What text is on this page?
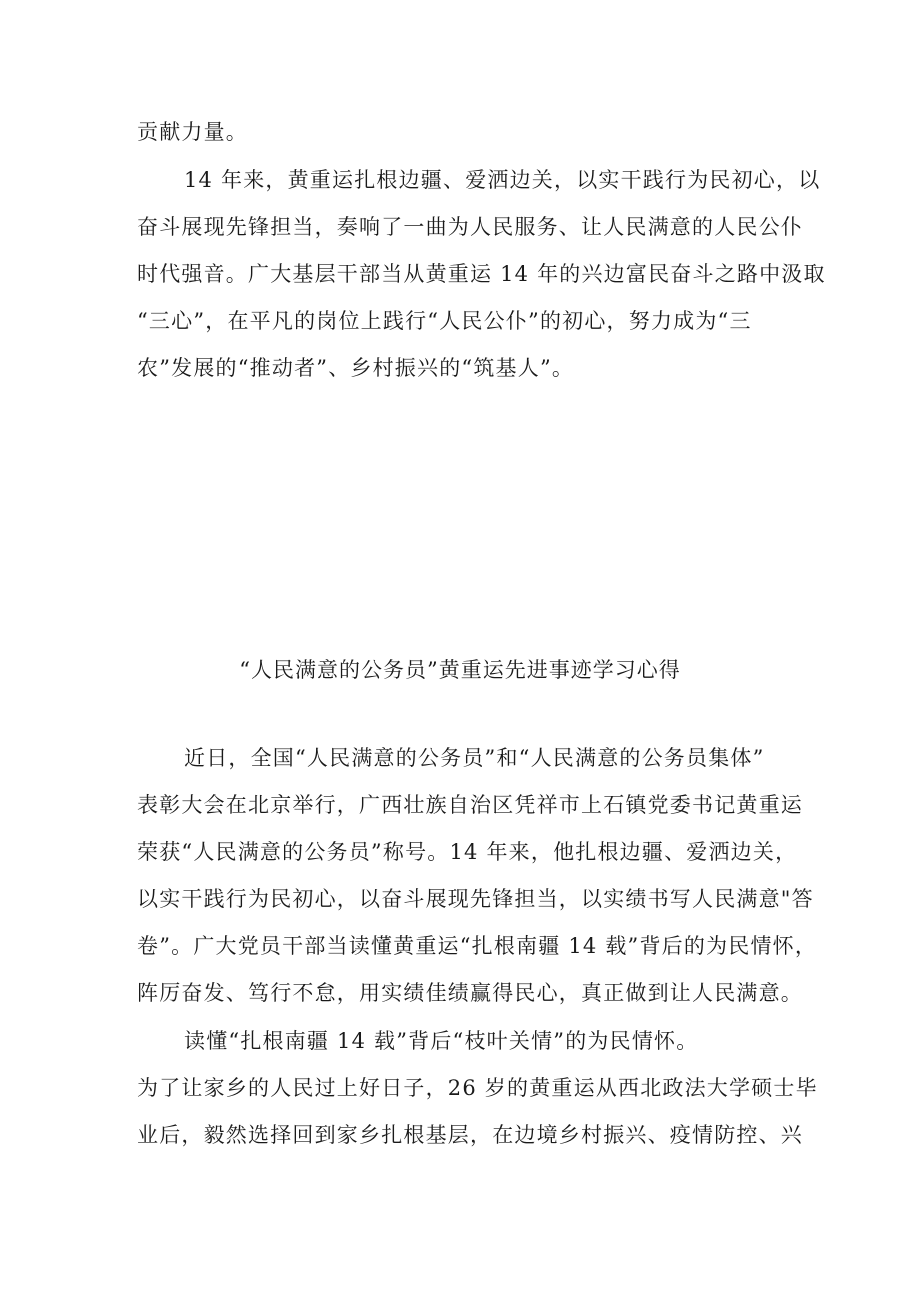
贡献力量。
14 年来，黄重运扎根边疆、爱洒边关，以实干践行为民初心，以
奋斗展现先锋担当，奏响了一曲为人民服务、让人民满意的人民公仆
时代强音。广大基层干部当从黄重运 14 年的兴边富民奋斗之路中汲取
“三心”，在平凡的岗位上践行“人民公仆”的初心，努力成为“三
农”发展的“推动者”、乡村振兴的“筑基人”。
“人民满意的公务员”黄重运先进事迹学习心得
近日，全国“人民满意的公务员”和“人民满意的公务员集体”
表彰大会在北京举行，广西壮族自治区凭祥市上石镇党委书记黄重运
荣获“人民满意的公务员”称号。14 年来，他扎根边疆、爱洒边关，
以实干践行为民初心，以奋斗展现先锋担当，以实绩书写人民满意"答
卷”。广大党员干部当读懂黄重运“扎根南疆 14 载”背后的为民情怀，
阵厉奋发、笃行不怠，用实绩佳绩赢得民心，真正做到让人民满意。
读懂“扎根南疆 14 载”背后“枝叶关情”的为民情怀。
为了让家乡的人民过上好日子，26 岁的黄重运从西北政法大学硕士毕
业后，毅然选择回到家乡扎根基层，在边境乡村振兴、疫情防控、兴
